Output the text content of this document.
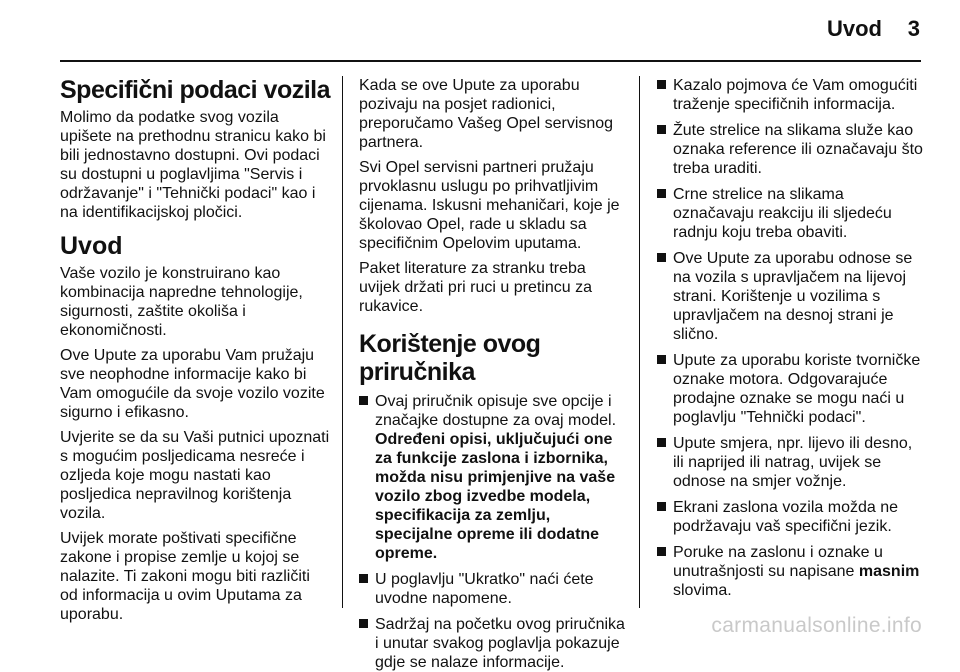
Uvod 3
Specifični podaci vozila

Molimo da podatke svog vozila upišete na prethodnu stranicu kako bi bili jednostavno dostupni. Ovi podaci su dostupni u poglavljima "Servis i održavanje" i "Tehnički podaci" kao i na identifikacijskoj pločici.

Uvod

Vaše vozilo je konstruirano kao kombinacija napredne tehnologije, sigurnosti, zaštite okoliša i ekonomičnosti.

Ove Upute za uporabu Vam pružaju sve neophodne informacije kako bi Vam omogućile da svoje vozilo vozite sigurno i efikasno.

Uvjerite se da su Vaši putnici upoznati s mogućim posljedicama nesreće i ozljeda koje mogu nastati kao posljedica nepravilnog korištenja vozila.

Uvijek morate poštivati specifične zakone i propise zemlje u kojoj se nalazite. Ti zakoni mogu biti različiti od informacija u ovim Uputama za uporabu.

Kada se ove Upute za uporabu pozivaju na posjet radionici, preporučamo Vašeg Opel servisnog partnera.

Svi Opel servisni partneri pružaju prvoklasnu uslugu po prihvatljivim cijenama. Iskusni mehaničari, koje je školovao Opel, rade u skladu sa specifičnim Opelovim uputama.

Paket literature za stranku treba uvijek držati pri ruci u pretincu za rukavice.

Korištenje ovog priručnika
Ovaj priručnik opisuje sve opcije i značajke dostupne za ovaj model.
Određeni opisi, uključujući one za funkcije zaslona i izbornika, možda nisu primjenjive na vaše vozilo zbog izvedbe modela, specifikacija za zemlju, specijalne opreme ili dodatne opreme.
U poglavlju "Ukratko" naći ćete uvodne napomene.
Sadržaj na početku ovog priručnika i unutar svakog poglavlja pokazuje gdje se nalaze informacije.
Kazalo pojmova će Vam omogućiti traženje specifičnih informacija.
Žute strelice na slikama služe kao oznaka reference ili označavaju što treba uraditi.
Crne strelice na slikama označavaju reakciju ili sljedeću radnju koju treba obaviti.
Ove Upute za uporabu odnose se na vozila s upravljačem na lijevoj strani. Korištenje u vozilima s upravljačem na desnoj strani je slično.
Upute za uporabu koriste tvorničke oznake motora. Odgovarajuće prodajne oznake se mogu naći u poglavlju "Tehnički podaci".
Upute smjera, npr. lijevo ili desno, ili naprijed ili natrag, uvijek se odnose na smjer vožnje.
Ekrani zaslona vozila možda ne podržavaju vaš specifični jezik.
Poruke na zaslonu i oznake u unutrašnjosti su napisane masnim slovima.
carmanualsonline.info
